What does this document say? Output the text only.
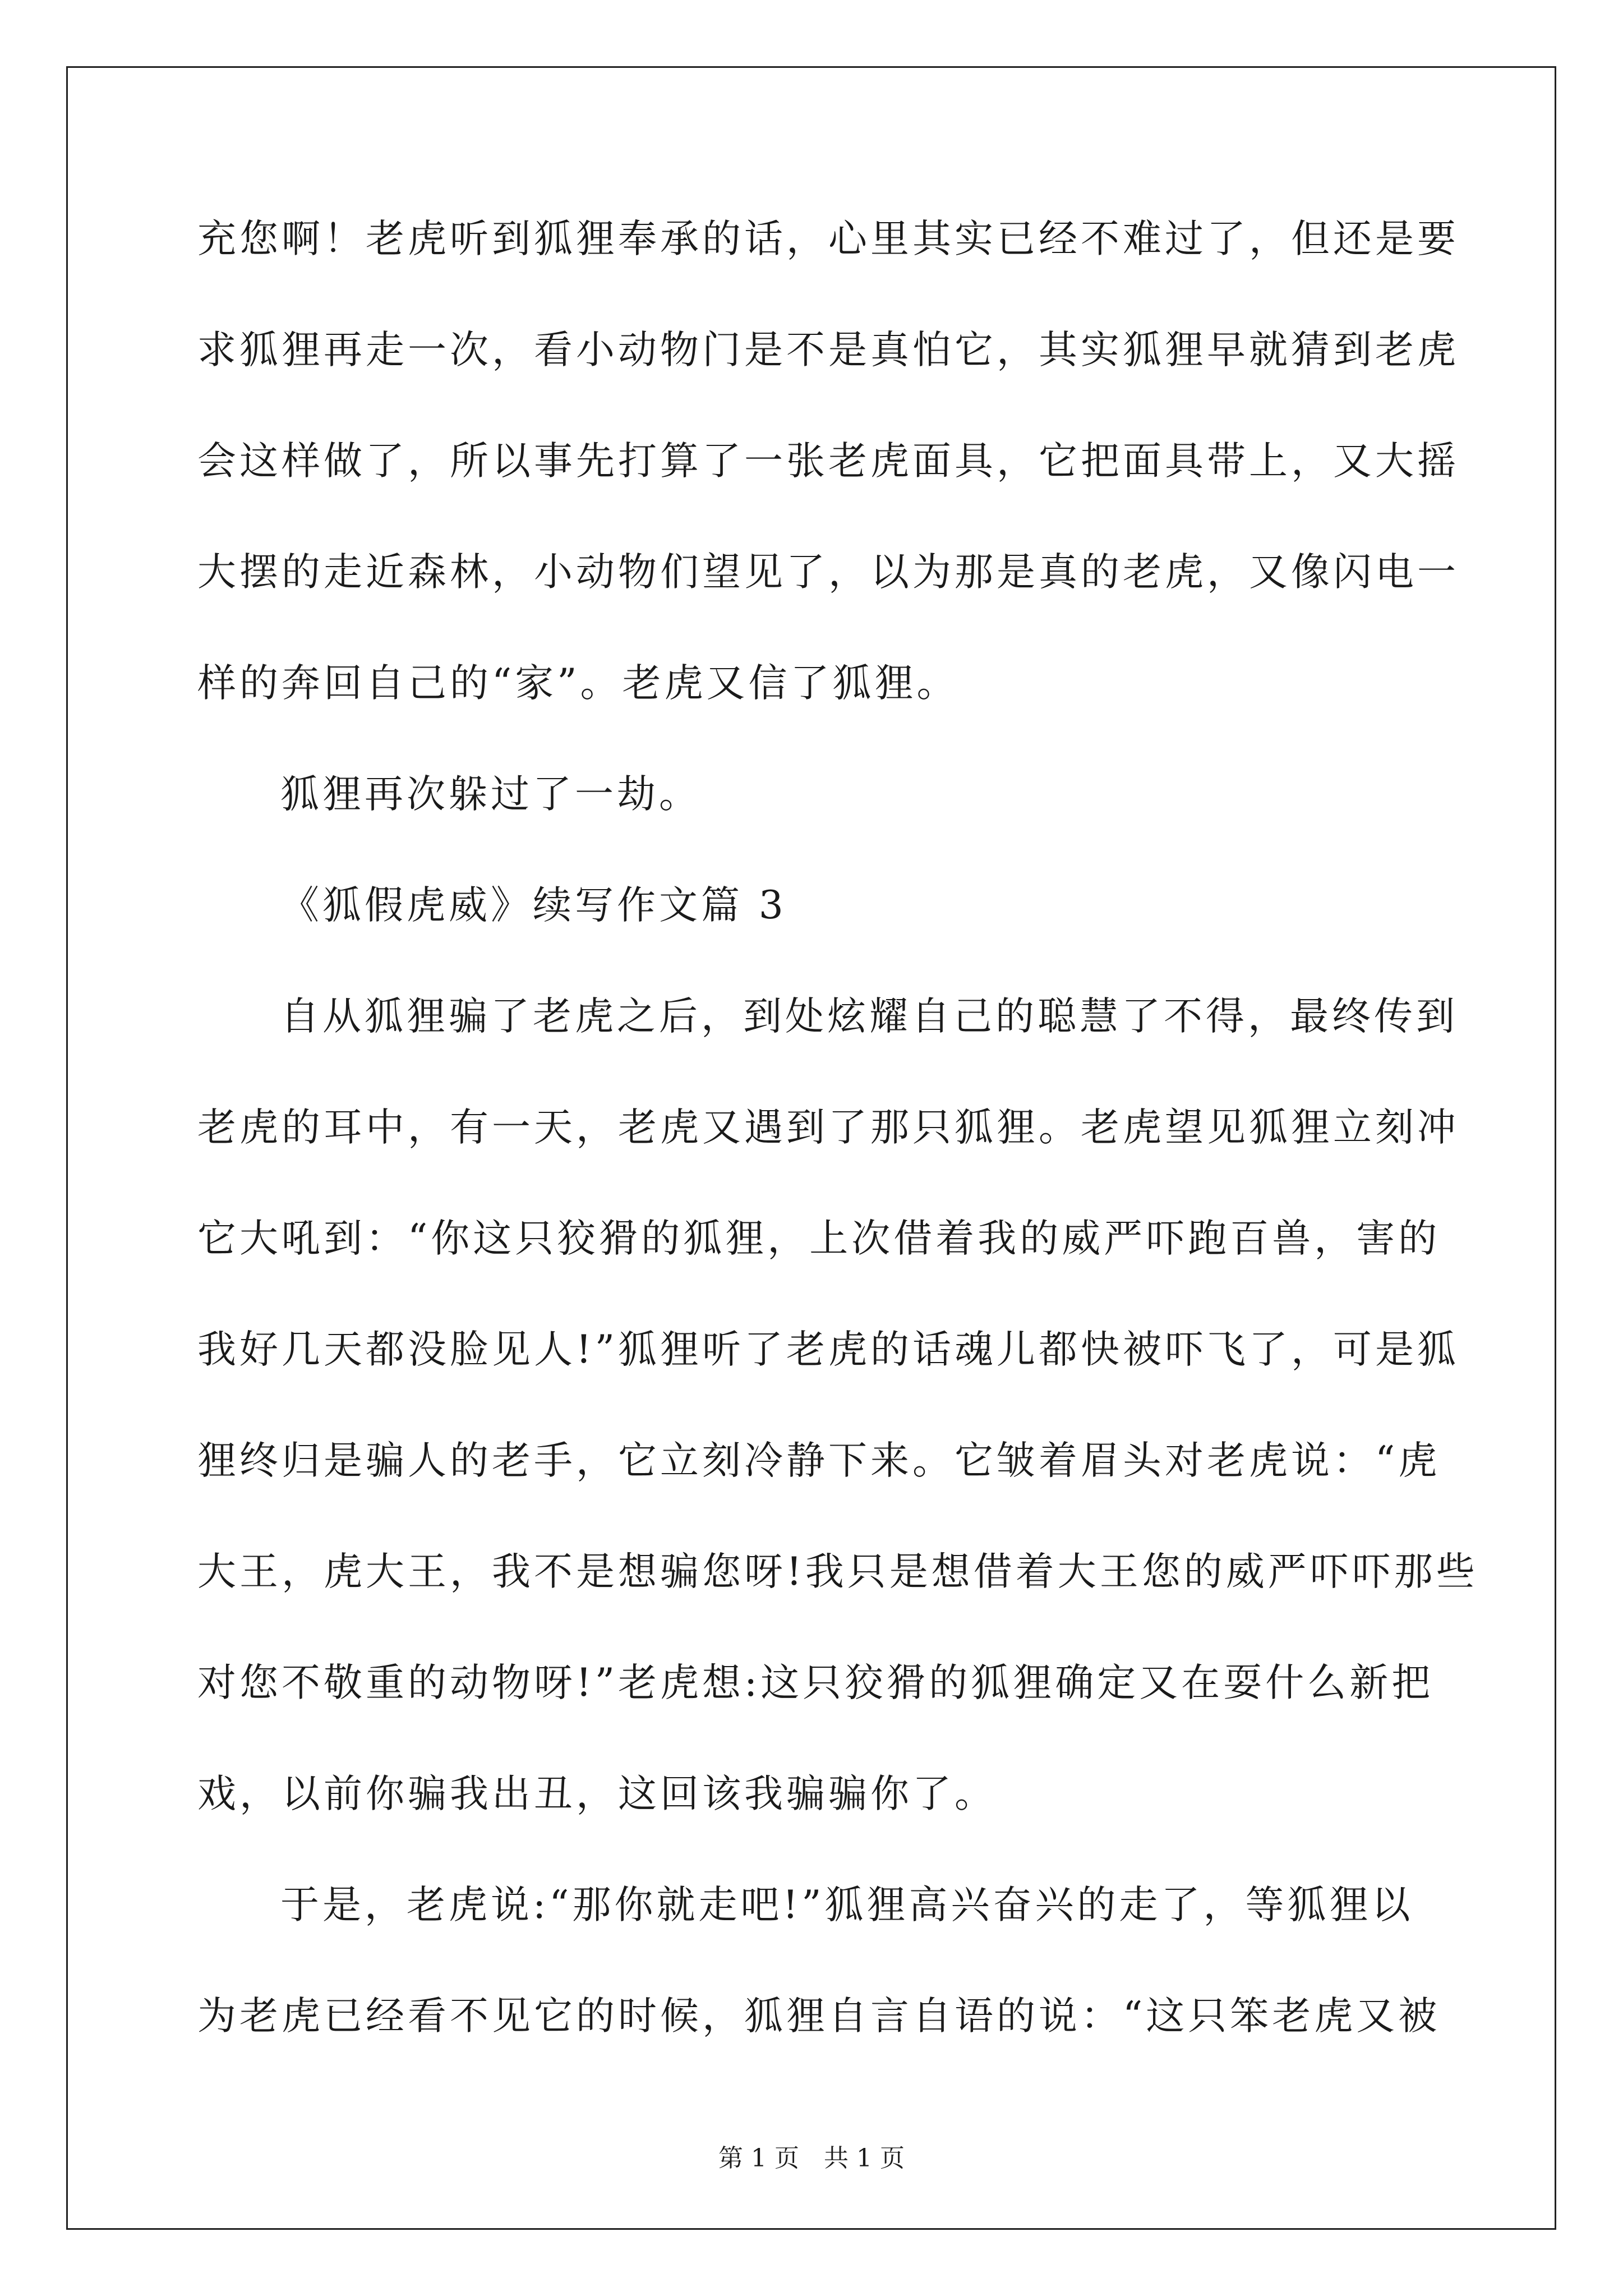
充您啊！老虎听到狐狸奉承的话，心里其实已经不难过了，但还是要
求狐狸再走一次，看小动物门是不是真怕它，其实狐狸早就猜到老虎
会这样做了，所以事先打算了一张老虎面具，它把面具带上，又大摇
大摆的走近森林，小动物们望见了，以为那是真的老虎，又像闪电一
样的奔回自己的“家”。老虎又信了狐狸。
狐狸再次躲过了一劫。
《狐假虎威》续写作文篇 3
自从狐狸骗了老虎之后，到处炫耀自己的聪慧了不得，最终传到
老虎的耳中，有一天，老虎又遇到了那只狐狸。老虎望见狐狸立刻冲
它大吼到：“你这只狡猾的狐狸，上次借着我的威严吓跑百兽，害的
我好几天都没脸见人!”狐狸听了老虎的话魂儿都快被吓飞了，可是狐
狸终归是骗人的老手，它立刻冷静下来。它皱着眉头对老虎说：“虎
大王，虎大王，我不是想骗您呀!我只是想借着大王您的威严吓吓那些
对您不敬重的动物呀!”老虎想:这只狡猾的狐狸确定又在耍什么新把
戏，以前你骗我出丑，这回该我骗骗你了。
于是，老虎说:“那你就走吧!”狐狸高兴奋兴的走了，等狐狸以
为老虎已经看不见它的时候，狐狸自言自语的说：“这只笨老虎又被
第 1 页　共 1 页
